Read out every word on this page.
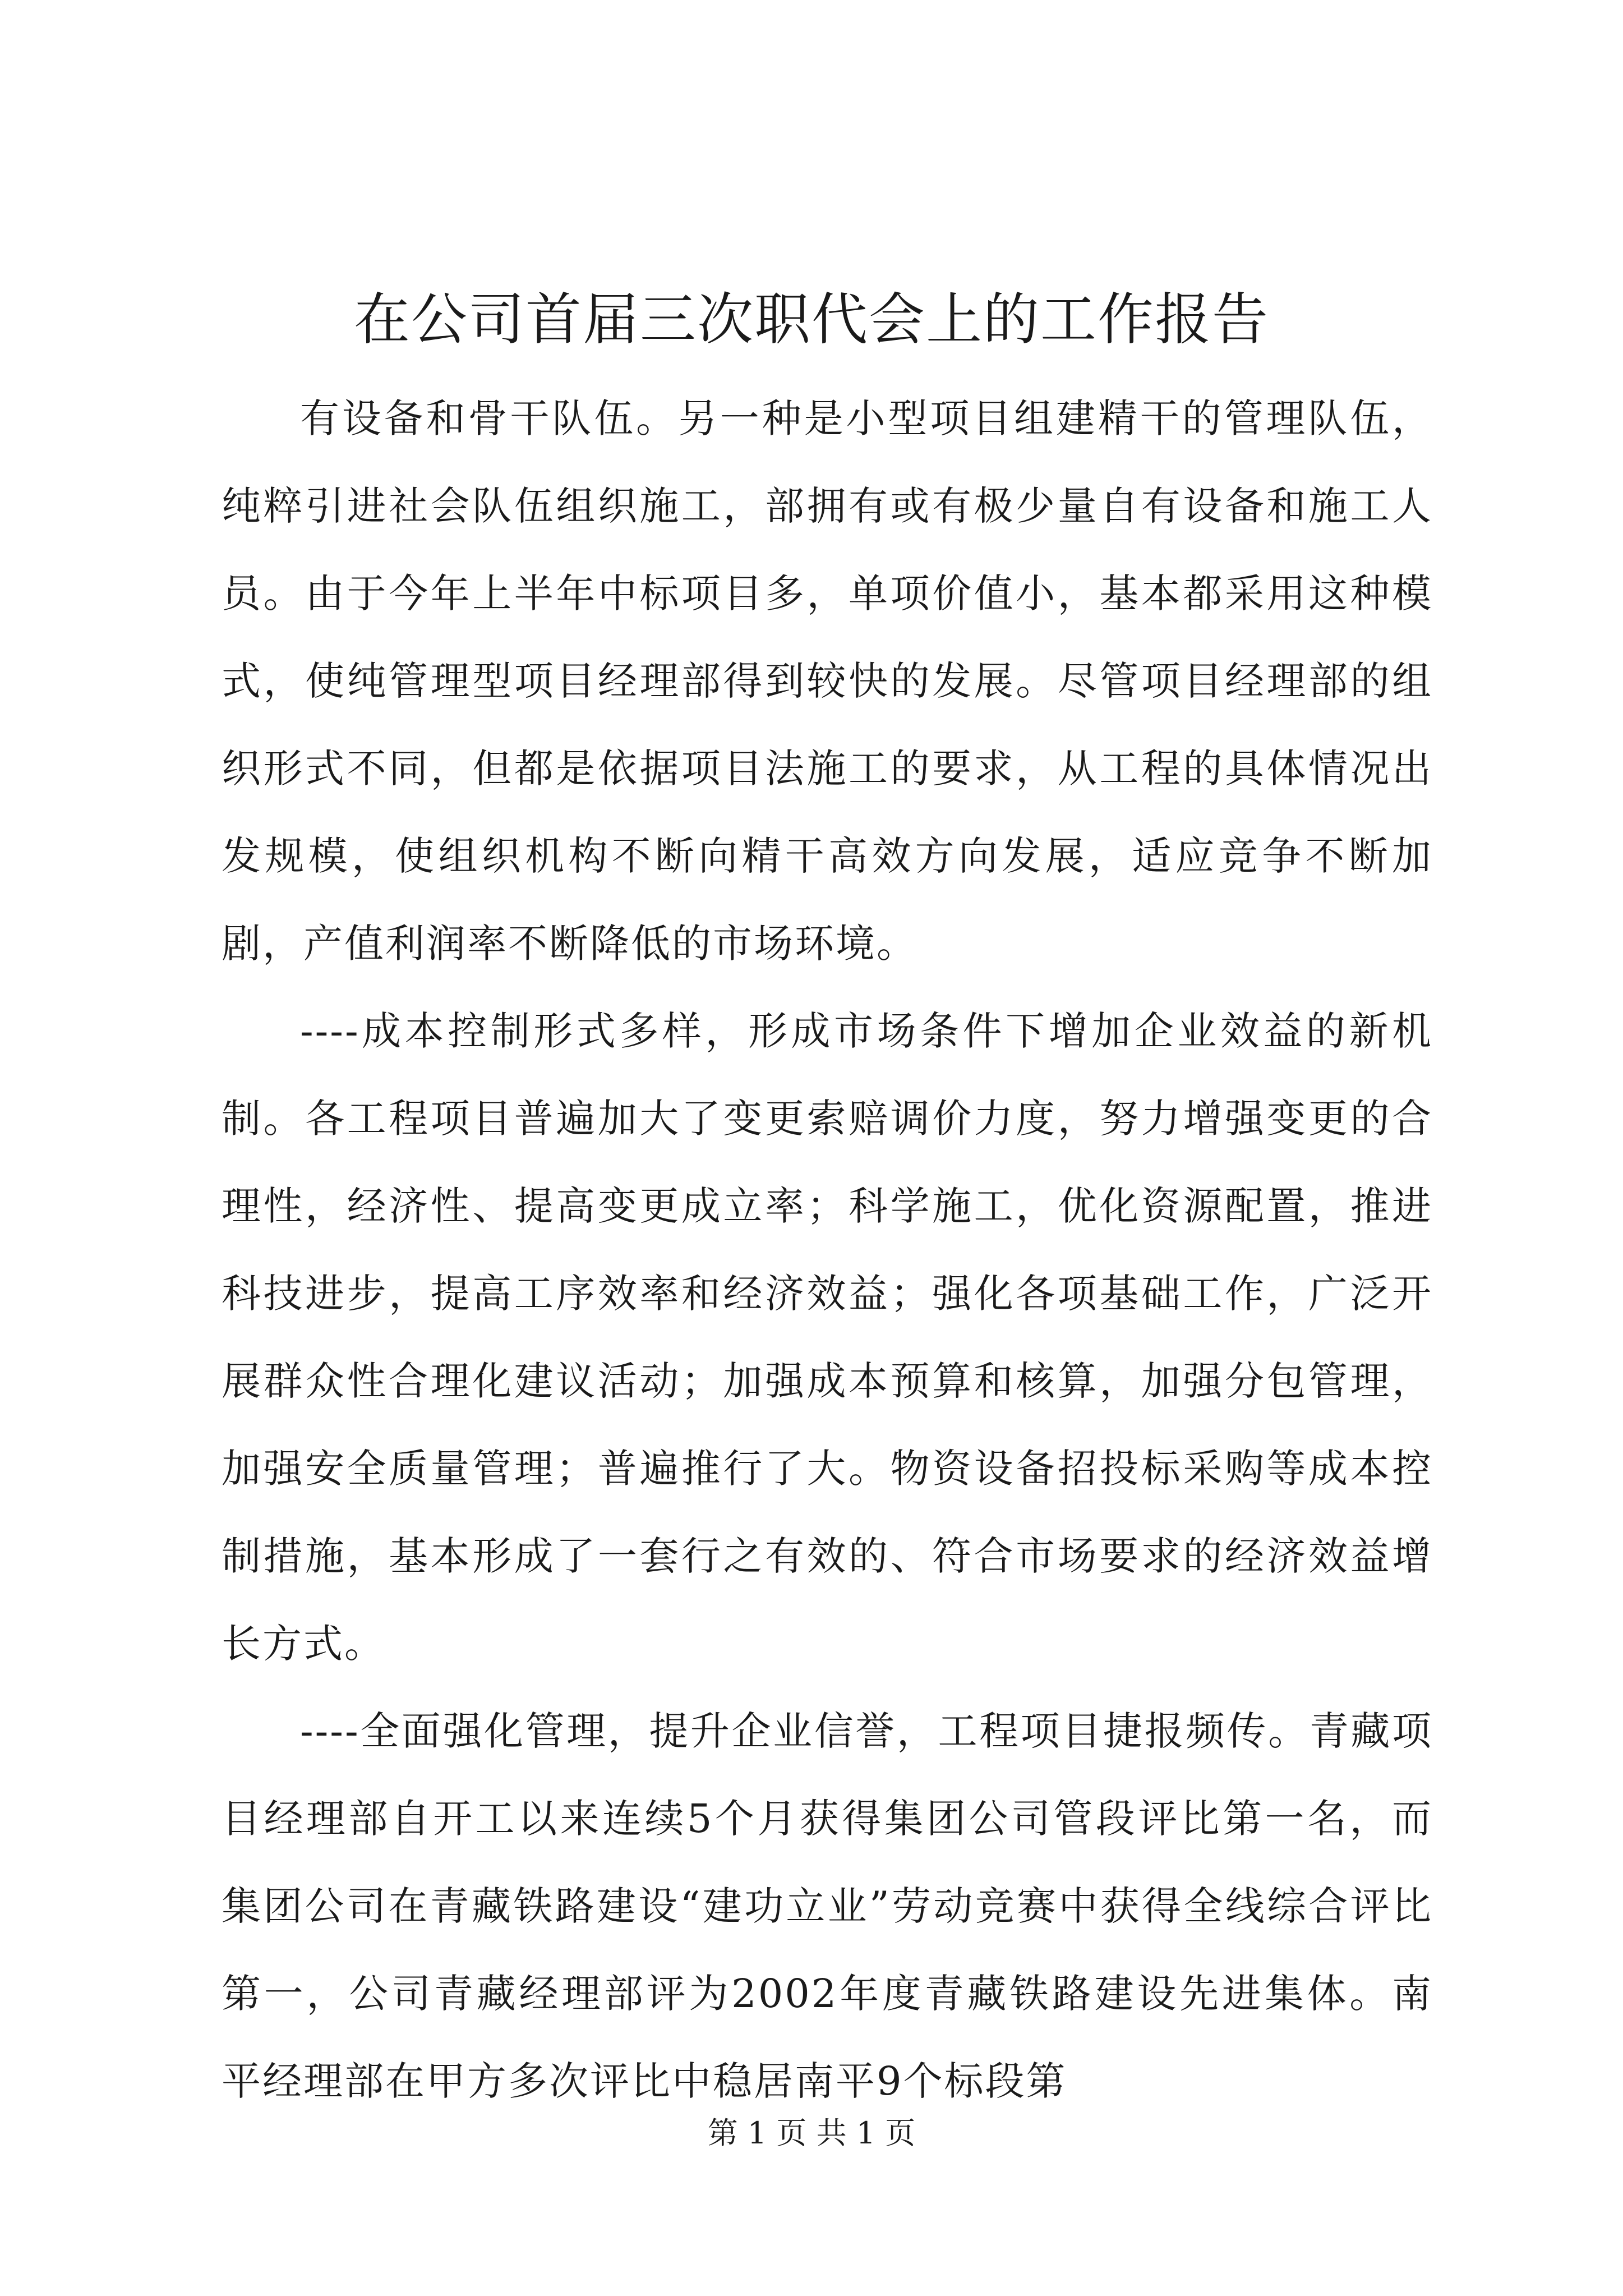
在公司首届三次职代会上的工作报告

有设备和骨干队伍。另一种是小型项目组建精干的管理队伍，纯粹引进社会队伍组织施工，部拥有或有极少量自有设备和施工人员。由于今年上半年中标项目多，单项价值小，基本都采用这种模式，使纯管理型项目经理部得到较快的发展。尽管项目经理部的组织形式不同，但都是依据项目法施工的要求，从工程的具体情况出发规模，使组织机构不断向精干高效方向发展，适应竞争不断加剧，产值利润率不断降低的市场环境。

----成本控制形式多样，形成市场条件下增加企业效益的新机制。各工程项目普遍加大了变更索赔调价力度，努力增强变更的合理性，经济性、提高变更成立率；科学施工，优化资源配置，推进科技进步，提高工序效率和经济效益；强化各项基础工作，广泛开展群众性合理化建议活动；加强成本预算和核算，加强分包管理，加强安全质量管理；普遍推行了大。物资设备招投标采购等成本控制措施，基本形成了一套行之有效的、符合市场要求的经济效益增长方式。

----全面强化管理，提升企业信誉，工程项目捷报频传。青藏项目经理部自开工以来连续5个月获得集团公司管段评比第一名，而集团公司在青藏铁路建设“建功立业”劳动竞赛中获得全线综合评比第一，公司青藏经理部评为2002年度青藏铁路建设先进集体。南平经理部在甲方多次评比中稳居南平9个标段第

第 1 页 共 1 页
